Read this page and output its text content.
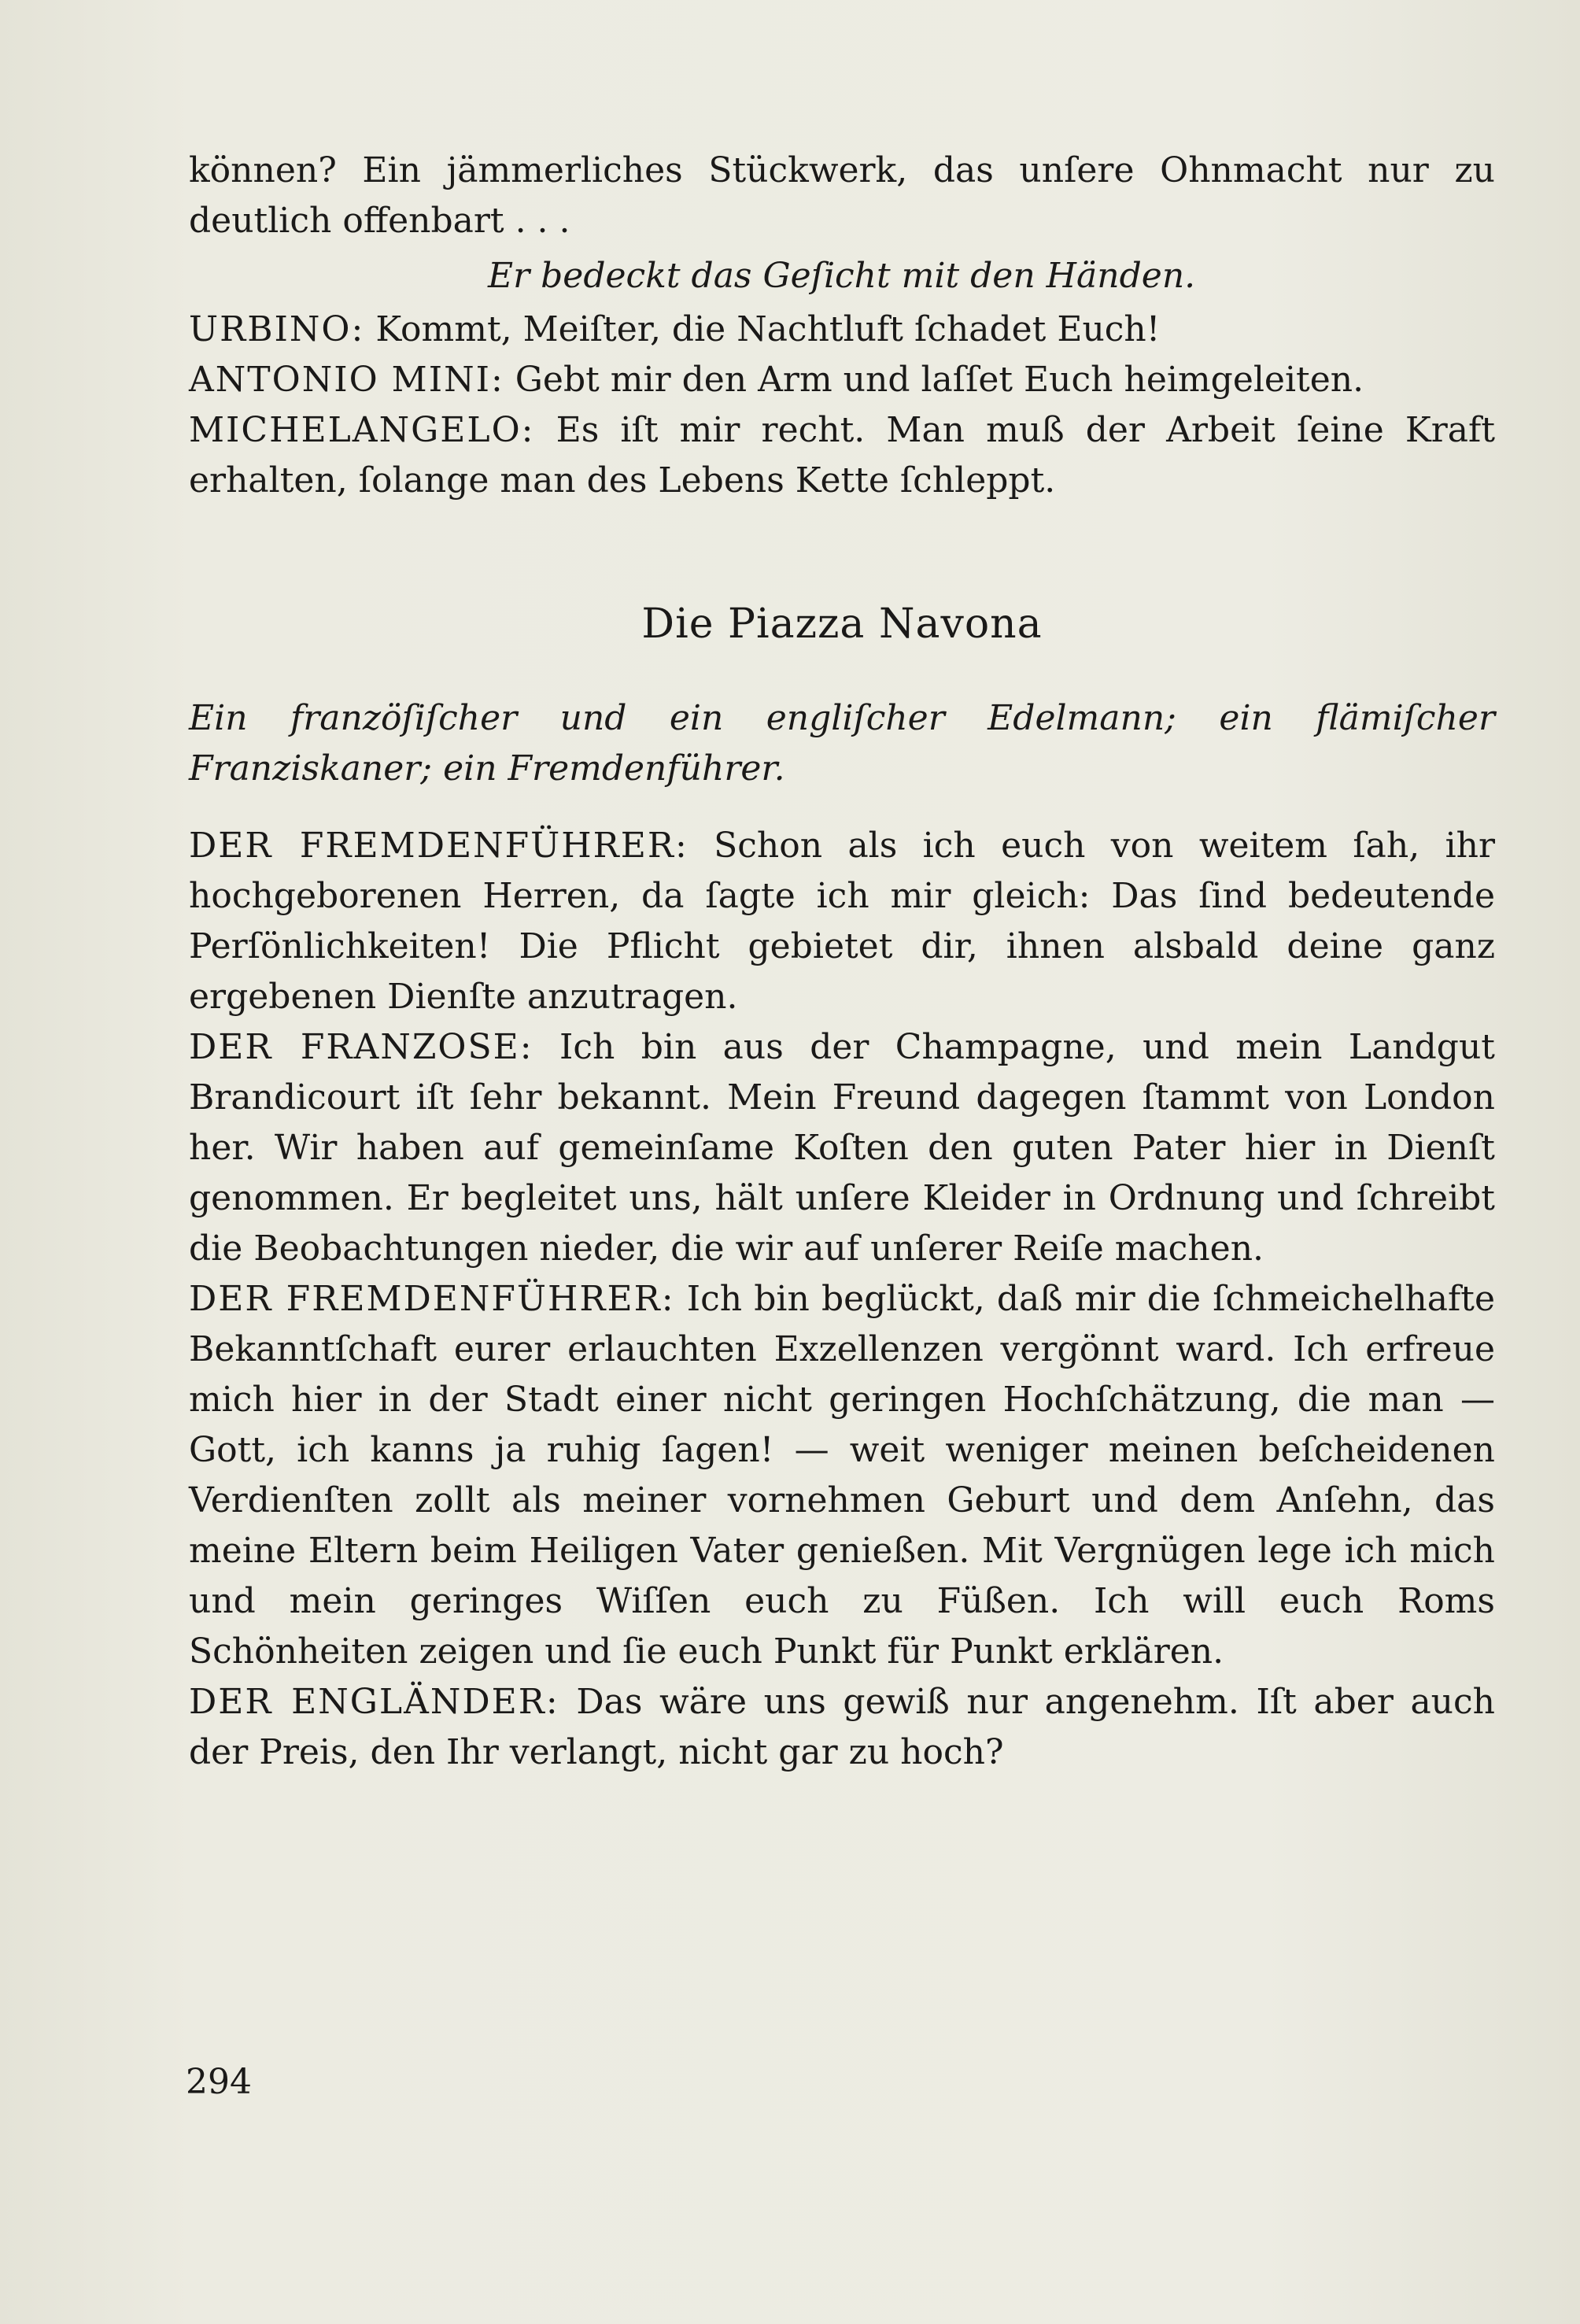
können? Ein jämmerliches Stückwerk, das unſere Ohnmacht nur zu deutlich offenbart . . .

Er bedeckt das Geſicht mit den Händen.

URBINO: Kommt, Meiſter, die Nachtluft ſchadet Euch!

ANTONIO MINI: Gebt mir den Arm und laſſet Euch heimgeleiten.

MICHELANGELO: Es iſt mir recht. Man muß der Arbeit ſeine Kraft erhalten, ſolange man des Lebens Kette ſchleppt.

Die Piazza Navona

Ein franzöſiſcher und ein engliſcher Edelmann; ein flämiſcher Franziskaner; ein Fremdenführer.

DER FREMDENFÜHRER: Schon als ich euch von weitem ſah, ihr hochgeborenen Herren, da ſagte ich mir gleich: Das ſind bedeutende Perſönlichkeiten! Die Pflicht gebietet dir, ihnen alsbald deine ganz ergebenen Dienſte anzutragen.

DER FRANZOSE: Ich bin aus der Champagne, und mein Landgut Brandicourt iſt ſehr bekannt. Mein Freund dagegen ſtammt von London her. Wir haben auf gemeinſame Koſten den guten Pater hier in Dienſt genommen. Er begleitet uns, hält unſere Kleider in Ordnung und ſchreibt die Beobachtungen nieder, die wir auf unſerer Reiſe machen.

DER FREMDENFÜHRER: Ich bin beglückt, daß mir die ſchmeichelhafte Bekanntſchaft eurer erlauchten Exzellenzen vergönnt ward. Ich erfreue mich hier in der Stadt einer nicht geringen Hochſchätzung, die man — Gott, ich kanns ja ruhig ſagen! — weit weniger meinen beſcheidenen Verdienſten zollt als meiner vornehmen Geburt und dem Anſehn, das meine Eltern beim Heiligen Vater genießen. Mit Vergnügen lege ich mich und mein geringes Wiſſen euch zu Füßen. Ich will euch Roms Schönheiten zeigen und ſie euch Punkt für Punkt erklären.

DER ENGLÄNDER: Das wäre uns gewiß nur angenehm. Iſt aber auch der Preis, den Ihr verlangt, nicht gar zu hoch?

294
